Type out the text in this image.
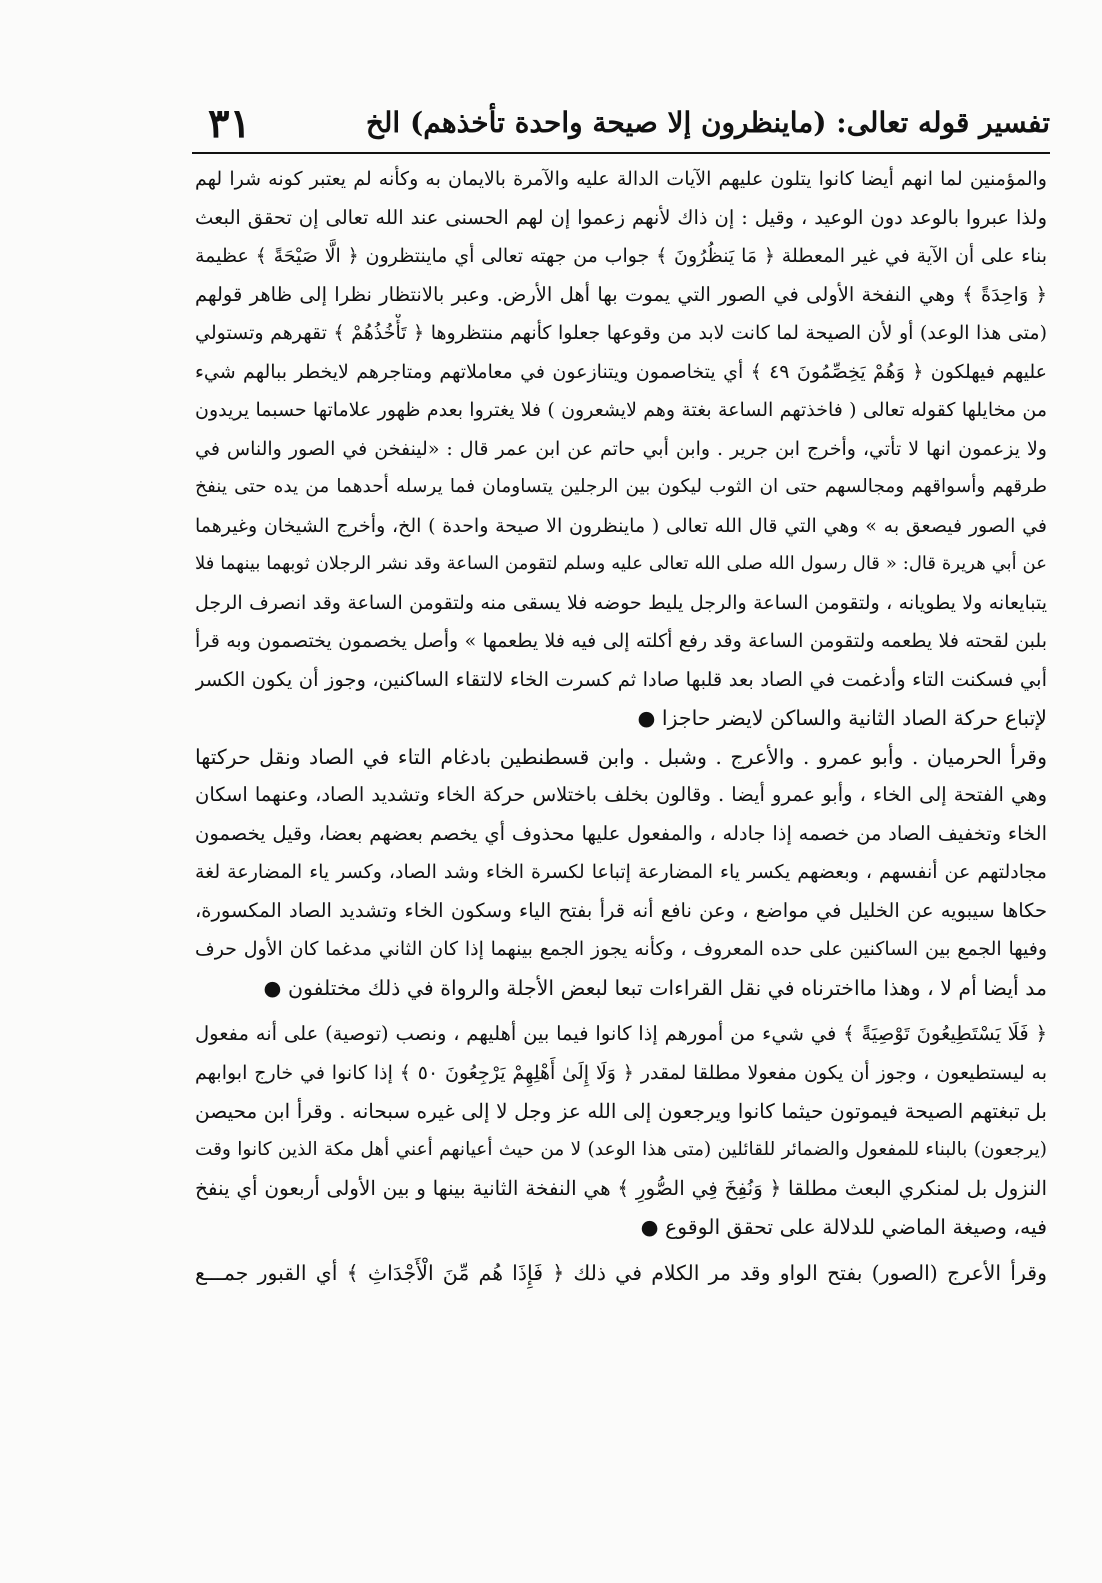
تفسير قوله تعالى: (ماينظرون إلا صيحة واحدة تأخذهم) الخ
٣١
والمؤمنين لما انهم أيضا كانوا يتلون عليهم الآيات الدالة عليه والآمرة بالايمان به وكأنه لم يعتبر كونه شرا لهم
ولذا عبروا بالوعد دون الوعيد ، وقيل : إن ذاك لأنهم زعموا إن لهم الحسنى عند الله تعالى إن تحقق البعث
بناء على أن الآية في غير المعطلة ﴿ مَا يَنظُرُونَ ﴾ جواب من جهته تعالى أي ماينتظرون ﴿ الَّا صَيْحَةً ﴾ عظيمة
﴿ وَاحِدَةً ﴾ وهي النفخة الأولى في الصور التي يموت بها أهل الأرض. وعبر بالانتظار نظرا إلى ظاهر قولهم
(متى هذا الوعد) أو لأن الصيحة لما كانت لابد من وقوعها جعلوا كأنهم منتظروها ﴿ تَأْخُذُهُمْ ﴾ تقهرهم وتستولي
عليهم فيهلكون ﴿ وَهُمْ يَخِصِّمُونَ ٤٩ ﴾ أي يتخاصمون ويتنازعون في معاملاتهم ومتاجرهم لايخطر ببالهم شيء
من مخايلها كقوله تعالى ( فاخذتهم الساعة بغتة وهم لايشعرون ) فلا يغتروا بعدم ظهور علاماتها حسبما يريدون
ولا يزعمون انها لا تأتي، وأخرج ابن جرير . وابن أبي حاتم عن ابن عمر قال : «لينفخن في الصور والناس في
طرقهم وأسواقهم ومجالسهم حتى ان الثوب ليكون بين الرجلين يتساومان فما يرسله أحدهما من يده حتى ينفخ
في الصور فيصعق به » وهي التي قال الله تعالى ( ماينظرون الا صيحة واحدة ) الخ، وأخرج الشيخان وغيرهما
عن أبي هريرة قال: « قال رسول الله صلى الله تعالى عليه وسلم لتقومن الساعة وقد نشر الرجلان ثوبهما بينهما فلا
يتبايعانه ولا يطويانه ، ولتقومن الساعة والرجل يليط حوضه فلا يسقى منه ولتقومن الساعة وقد انصرف الرجل
بلبن لقحته فلا يطعمه ولتقومن الساعة وقد رفع أكلته إلى فيه فلا يطعمها » وأصل يخصمون يختصمون وبه قرأ
أبي فسكنت التاء وأدغمت في الصاد بعد قلبها صادا ثم كسرت الخاء لالتقاء الساكنين، وجوز أن يكون الكسر
لإتباع حركة الصاد الثانية والساكن لايضر حاجزا ●
وقرأ الحرميان . وأبو عمرو . والأعرج . وشبل . وابن قسطنطين بادغام التاء في الصاد ونقل حركتها
وهي الفتحة إلى الخاء ، وأبو عمرو أيضا . وقالون بخلف باختلاس حركة الخاء وتشديد الصاد، وعنهما اسكان
الخاء وتخفيف الصاد من خصمه إذا جادله ، والمفعول عليها محذوف أي يخصم بعضهم بعضا، وقيل يخصمون
مجادلتهم عن أنفسهم ، وبعضهم يكسر ياء المضارعة إتباعا لكسرة الخاء وشد الصاد، وكسر ياء المضارعة لغة
حكاها سيبويه عن الخليل في مواضع ، وعن نافع أنه قرأ بفتح الياء وسكون الخاء وتشديد الصاد المكسورة،
وفيها الجمع بين الساكنين على حده المعروف ، وكأنه يجوز الجمع بينهما إذا كان الثاني مدغما كان الأول حرف
مد أيضا أم لا ، وهذا مااخترناه في نقل القراءات تبعا لبعض الأجلة والرواة في ذلك مختلفون ●
﴿ فَلَا يَسْتَطِيعُونَ تَوْصِيَةً ﴾ في شيء من أمورهم إذا كانوا فيما بين أهليهم ، ونصب (توصية) على أنه مفعول
به ليستطيعون ، وجوز أن يكون مفعولا مطلقا لمقدر ﴿ وَلَا إِلَىٰ أَهْلِهِمْ يَرْجِعُونَ ٥٠ ﴾ إذا كانوا في خارج ابوابهم
بل تبغتهم الصيحة فيموتون حيثما كانوا ويرجعون إلى الله عز وجل لا إلى غيره سبحانه . وقرأ ابن محيصن
(يرجعون) بالبناء للمفعول والضمائر للقائلين (متى هذا الوعد) لا من حيث أعيانهم أعني أهل مكة الذين كانوا وقت
النزول بل لمنكري البعث مطلقا ﴿ وَنُفِخَ فِي الصُّورِ ﴾ هي النفخة الثانية بينها و بين الأولى أربعون أي ينفخ
فيه، وصيغة الماضي للدلالة على تحقق الوقوع ●
وقرأ الأعرج (الصور) بفتح الواو وقد مر الكلام في ذلك ﴿ فَإِذَا هُم مِّنَ الْأَجْدَاثِ ﴾ أي القبور جمـــع
